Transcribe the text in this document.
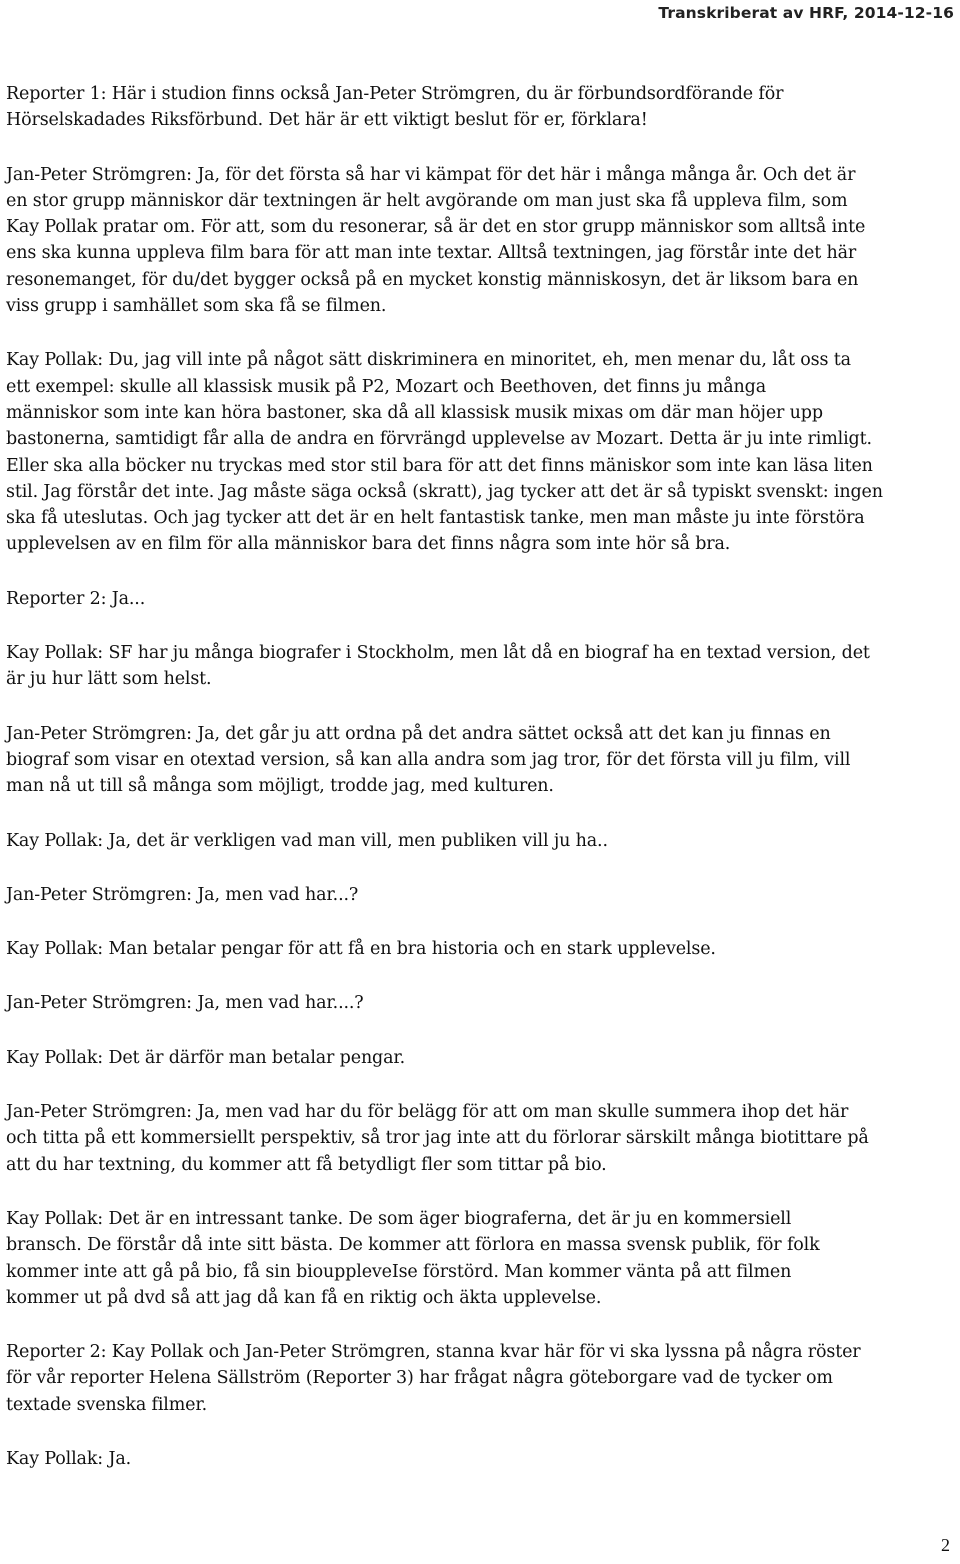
Transkriberat av HRF, 2014-12-16

Reporter 1: Här i studion finns också Jan-Peter Strömgren, du är förbundsordförande för
Hörselskadades Riksförbund. Det här är ett viktigt beslut för er, förklara!

Jan-Peter Strömgren: Ja, för det första så har vi kämpat för det här i många många år. Och det är
en stor grupp människor där textningen är helt avgörande om man just ska få uppleva film, som
Kay Pollak pratar om. För att, som du resonerar, så är det en stor grupp människor som alltså inte
ens ska kunna uppleva film bara för att man inte textar. Alltså textningen, jag förstår inte det här
resonemanget, för du/det bygger också på en mycket konstig människosyn, det är liksom bara en
viss grupp i samhället som ska få se filmen.

Kay Pollak: Du, jag vill inte på något sätt diskriminera en minoritet, eh, men menar du, låt oss ta
ett exempel: skulle all klassisk musik på P2, Mozart och Beethoven, det finns ju många
människor som inte kan höra bastoner, ska då all klassisk musik mixas om där man höjer upp
bastonerna, samtidigt får alla de andra en förvrängd upplevelse av Mozart. Detta är ju inte rimligt.
Eller ska alla böcker nu tryckas med stor stil bara för att det finns mäniskor som inte kan läsa liten
stil. Jag förstår det inte. Jag måste säga också (skratt), jag tycker att det är så typiskt svenskt: ingen
ska få uteslutas. Och jag tycker att det är en helt fantastisk tanke, men man måste ju inte förstöra
upplevelsen av en film för alla människor bara det finns några som inte hör så bra.

Reporter 2: Ja...

Kay Pollak: SF har ju många biografer i Stockholm, men låt då en biograf ha en textad version, det
är ju hur lätt som helst.

Jan-Peter Strömgren: Ja, det går ju att ordna på det andra sättet också att det kan ju finnas en
biograf som visar en otextad version, så kan alla andra som jag tror, för det första vill ju film, vill
man nå ut till så många som möjligt, trodde jag, med kulturen.

Kay Pollak: Ja, det är verkligen vad man vill, men publiken vill ju ha..

Jan-Peter Strömgren: Ja, men vad har...?

Kay Pollak: Man betalar pengar för att få en bra historia och en stark upplevelse.

Jan-Peter Strömgren: Ja, men vad har....?

Kay Pollak: Det är därför man betalar pengar.

Jan-Peter Strömgren: Ja, men vad har du för belägg för att om man skulle summera ihop det här
och titta på ett kommersiellt perspektiv, så tror jag inte att du förlorar särskilt många biotittare på
att du har textning, du kommer att få betydligt fler som tittar på bio.

Kay Pollak: Det är en intressant tanke. De som äger biograferna, det är ju en kommersiell
bransch. De förstår då inte sitt bästa. De kommer att förlora en massa svensk publik, för folk
kommer inte att gå på bio, få sin biouppleveIse förstörd. Man kommer vänta på att filmen
kommer ut på dvd så att jag då kan få en riktig och äkta upplevelse.

Reporter 2: Kay Pollak och Jan-Peter Strömgren, stanna kvar här för vi ska lyssna på några röster
för vår reporter Helena Sällström (Reporter 3) har frågat några göteborgare vad de tycker om
textade svenska filmer.

Kay Pollak: Ja.

2
